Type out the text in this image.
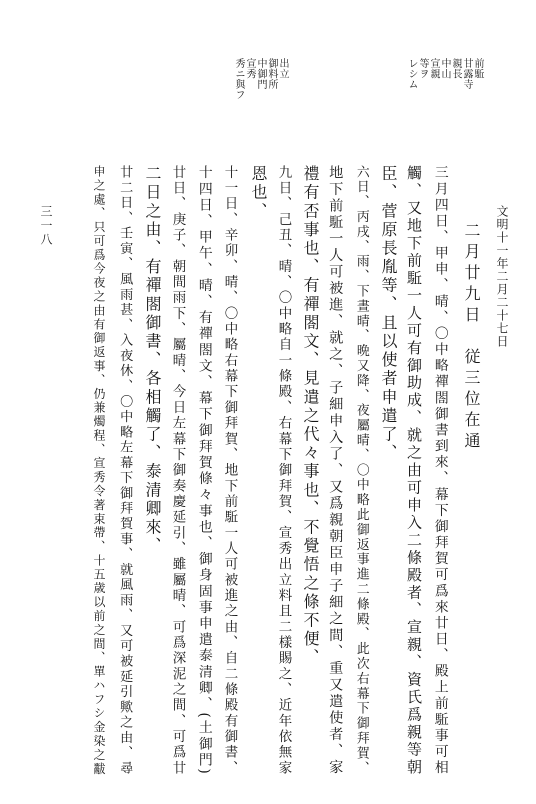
文明十一年二月二十七日
三一八
前駈
甘露寺
親長
中山
宣親
等ヲ
レシム
出立
御料所
中御門
宣秀
秀ニ與フ
二月廿九日　従三位在通
三月四日、甲申、晴、〇中略禪閤御書到來、幕下御拜賀可爲來廿日、殿上前駈事可相
觸、又地下前駈一人可有御助成、就之由可申入二條殿者、宣親、資氏爲親等朝
臣、菅原長胤等、且以使者申遣了、
六日、丙戌、雨、下晝晴、晩又降、夜屬晴、〇中略此御返事進二條殿、此次右幕下御拜賀、
地下前駈一人可被進、就之、子細申入了、又爲親朝臣申子細之間、重又遣使者、家
禮有否事也、有禪閤文、見遣之代々事也、不覺悟之條不便、
九日、己丑、晴、〇中略自一條殿、右幕下御拜賀、宣秀出立料且二樣賜之、近年依無家
恩也、
十一日、辛卯、晴、〇中略右幕下御拜賀、地下前駈一人可被進之由、自二條殿有御書、
十四日、甲午、晴、有禪閤文、幕下御拜賀條々事也、御身固事申遣泰清卿、(土御門)
廿日、庚子、朝間雨下、屬晴、今日左幕下御奏慶延引、雖屬晴、可爲深泥之間、可爲廿
二日之由、有禪閤御書、各相觸了、泰清卿來、
廿二日、壬寅、風雨甚、入夜休、〇中略左幕下御拜賀事、就風雨、又可被延引歟之由、尋
申之處、只可爲今夜之由有御返事、仍兼燭程、宣秀令著束帶、十五歳以前之間、單ハフシ金染之黻
